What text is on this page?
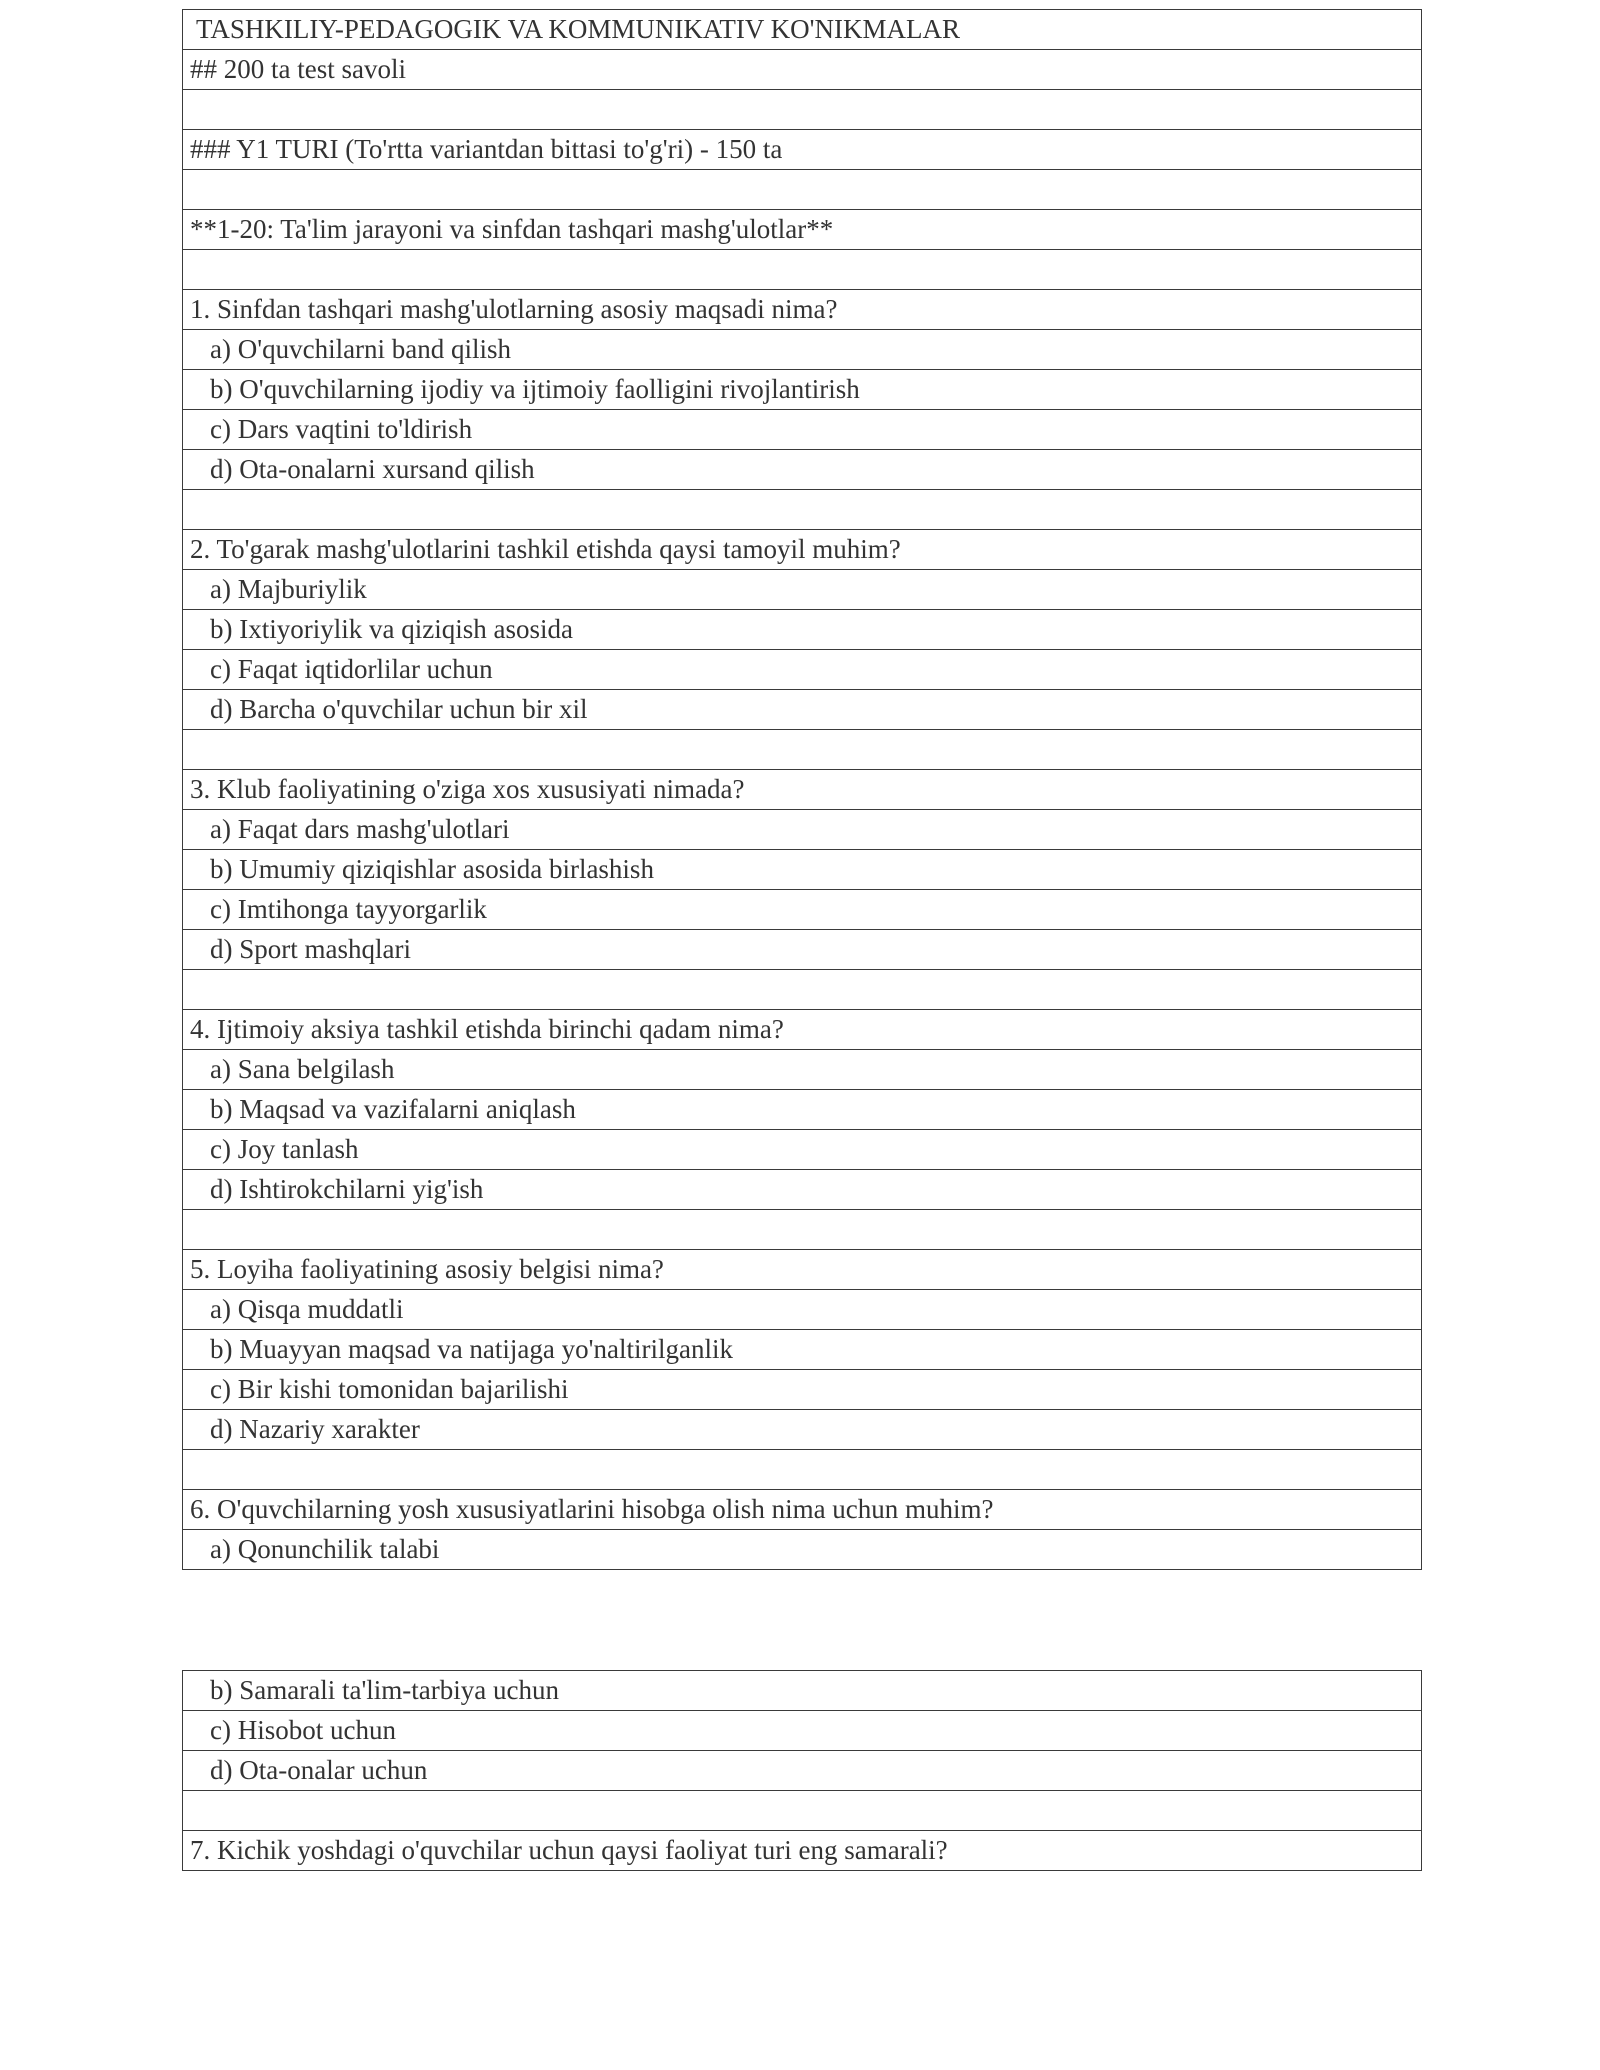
TASHKILIY-PEDAGOGIK VA KOMMUNIKATIV KO'NIKMALAR
## 200 ta test savoli

### Y1 TURI (To'rtta variantdan bittasi to'g'ri) - 150 ta

**1-20: Ta'lim jarayoni va sinfdan tashqari mashg'ulotlar**

1. Sinfdan tashqari mashg'ulotlarning asosiy maqsadi nima?
a) O'quvchilarni band qilish
b) O'quvchilarning ijodiy va ijtimoiy faolligini rivojlantirish
c) Dars vaqtini to'ldirish
d) Ota-onalarni xursand qilish

2. To'garak mashg'ulotlarini tashkil etishda qaysi tamoyil muhim?
a) Majburiylik
b) Ixtiyoriylik va qiziqish asosida
c) Faqat iqtidorlilar uchun
d) Barcha o'quvchilar uchun bir xil

3. Klub faoliyatining o'ziga xos xususiyati nimada?
a) Faqat dars mashg'ulotlari
b) Umumiy qiziqishlar asosida birlashish
c) Imtihonga tayyorgarlik
d) Sport mashqlari

4. Ijtimoiy aksiya tashkil etishda birinchi qadam nima?
a) Sana belgilash
b) Maqsad va vazifalarni aniqlash
c) Joy tanlash
d) Ishtirokchilarni yig'ish

5. Loyiha faoliyatining asosiy belgisi nima?
a) Qisqa muddatli
b) Muayyan maqsad va natijaga yo'naltirilganlik
c) Bir kishi tomonidan bajarilishi
d) Nazariy xarakter

6. O'quvchilarning yosh xususiyatlarini hisobga olish nima uchun muhim?
a) Qonunchilik talabi
b) Samarali ta'lim-tarbiya uchun
c) Hisobot uchun
d) Ota-onalar uchun

7. Kichik yoshdagi o'quvchilar uchun qaysi faoliyat turi eng samarali?
